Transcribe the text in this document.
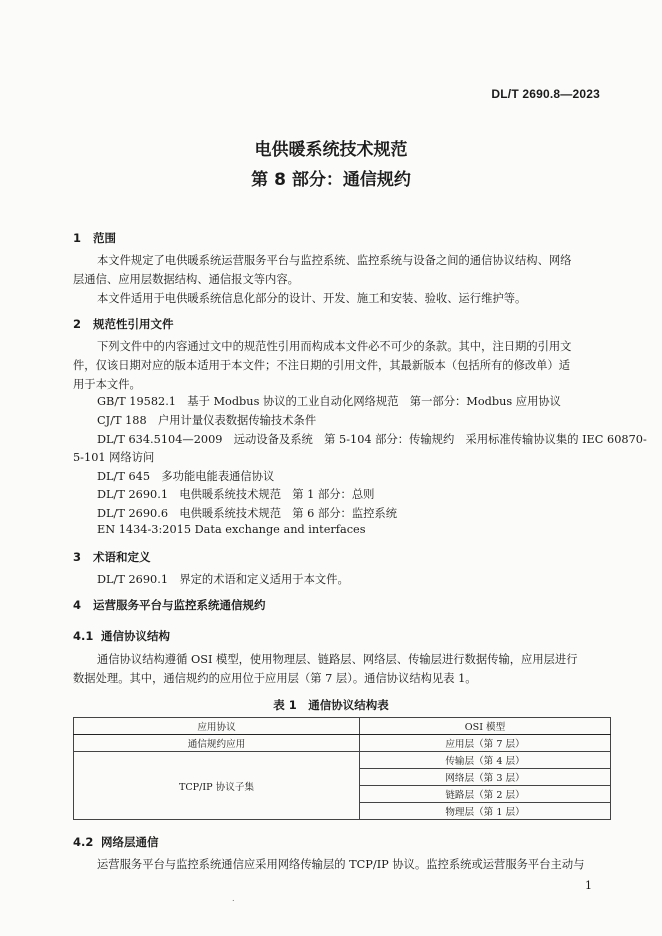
DL/T 2690.8—2023
电供暖系统技术规范
第 8 部分：通信规约
1 范围
本文件规定了电供暖系统运营服务平台与监控系统、监控系统与设备之间的通信协议结构、网络
层通信、应用层数据结构、通信报文等内容。
本文件适用于电供暖系统信息化部分的设计、开发、施工和安装、验收、运行维护等。
2 规范性引用文件
下列文件中的内容通过文中的规范性引用而构成本文件必不可少的条款。其中，注日期的引用文
件，仅该日期对应的版本适用于本文件；不注日期的引用文件，其最新版本（包括所有的修改单）适
用于本文件。
GB/T 19582.1　基于 Modbus 协议的工业自动化网络规范　第一部分：Modbus 应用协议
CJ/T 188　户用计量仪表数据传输技术条件
DL/T 634.5104—2009　远动设备及系统　第 5-104 部分：传输规约　采用标准传输协议集的 IEC 60870-
5-101 网络访问
DL/T 645　多功能电能表通信协议
DL/T 2690.1　电供暖系统技术规范　第 1 部分：总则
DL/T 2690.6　电供暖系统技术规范　第 6 部分：监控系统
EN 1434-3:2015 Data exchange and interfaces
3 术语和定义
DL/T 2690.1　界定的术语和定义适用于本文件。
4 运营服务平台与监控系统通信规约
4.1 通信协议结构
通信协议结构遵循 OSI 模型，使用物理层、链路层、网络层、传输层进行数据传输，应用层进行
数据处理。其中，通信规约的应用位于应用层（第 7 层）。通信协议结构见表 1。
表 1　通信协议结构表
应用协议	OSI 模型
通信规约应用	应用层（第 7 层）
TCP/IP 协议子集	传输层（第 4 层）
	网络层（第 3 层）
	链路层（第 2 层）
	物理层（第 1 层）
4.2 网络层通信
运营服务平台与监控系统通信应采用网络传输层的 TCP/IP 协议。监控系统或运营服务平台主动与
1
.
